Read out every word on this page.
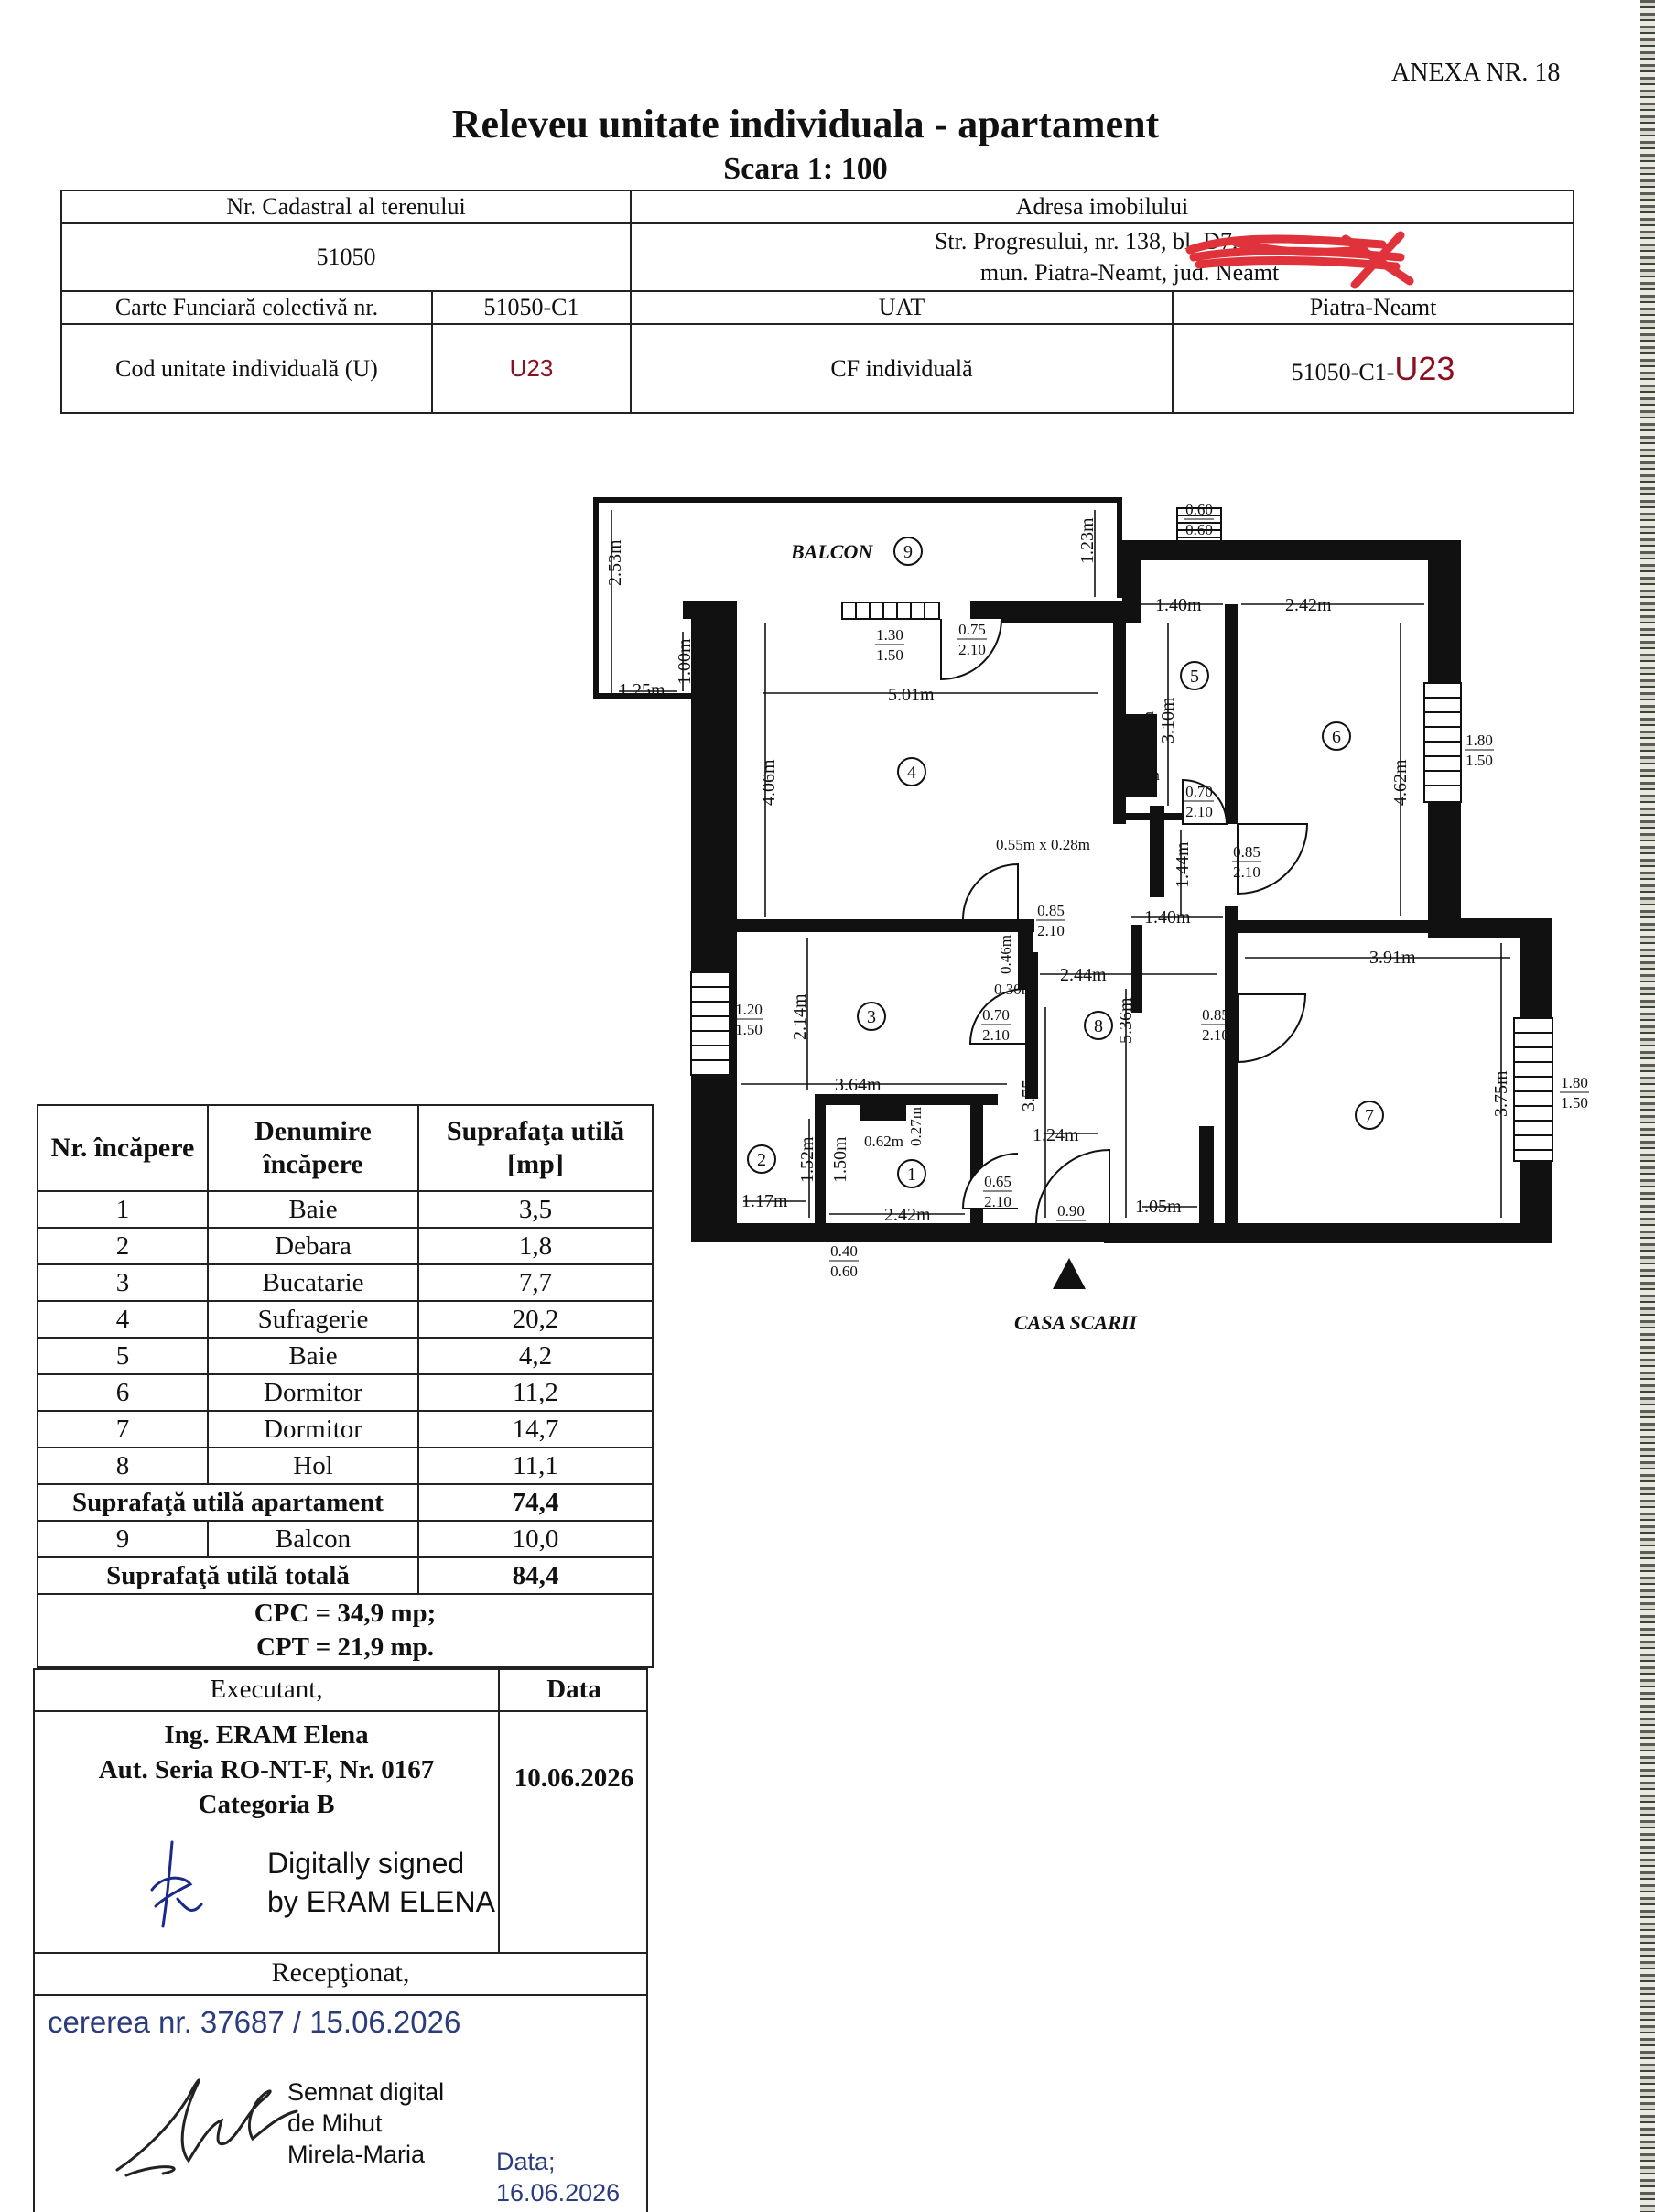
ANEXA NR. 18
Releveu unitate individuala - apartament
Scara 1: 100
Nr. Cadastral al terenului		Adresa imobilului	
51050		Str. Progresului, nr. 138, bl. D7, sc.
mun. Piatra-Neamt, jud. Neamt	

Carte Funciară colectivă nr.	51050-C1	UAT	Piatra-Neamt
Cod unitate individuală (U)	U23	CF individuală	51050-C1-U23
2.53m	1.23m
1.00m
1.25m	5.01m
4.06m
1.40m	2.42m
3.10m
0.62m
0.27m	4.62m
1.44m
1.40m
0.55m x 0.28m
0.46m
0.30m
2.44m
2.14m
3.64m
3.91m
5.36m
3.75m
3.75m
1.52m 1.50m
1.17m
2.42m
0.62m 0.27m	1.24m
1.05m
0.60
0.60
1.30
1.50
0.75
2.10
1.80
1.50
0.70
2.10
0.85
2.10
0.85
2.10
1.20
1.50
0.70
2.10
0.85
2.10
1.80
1.50
0.65
2.10
0.90
2.10
0.40
0.60
9
4
5
6
3	8
7
1
2
BALCON
CASA SCARII
Nr. încăpere	Denumire încăpere	Suprafaţa utilă [mp]
1	Baie	3,5
2	Debara	1,8
3	Bucatarie	7,7
4	Sufragerie	20,2
5	Baie	4,2
6	Dormitor	11,2
7	Dormitor	14,7
8	Hol	11,1
Suprafaţă utilă apartament		74,4
9	Balcon	10,0
Suprafaţă utilă totală		84,4

CPC = 34,9 mp;
CPT = 21,9 mp.		
Executant,	Data
Ing. ERAM Elena
Aut. Seria RO-NT-F, Nr. 0167
Categoria B
10.06.2026
Digitally signed
by ERAM ELENA
Recepţionat,
cererea nr. 37687 / 15.06.2026
Semnat digital
de Mihut
Mirela-Maria	Data;
16.06.2026
